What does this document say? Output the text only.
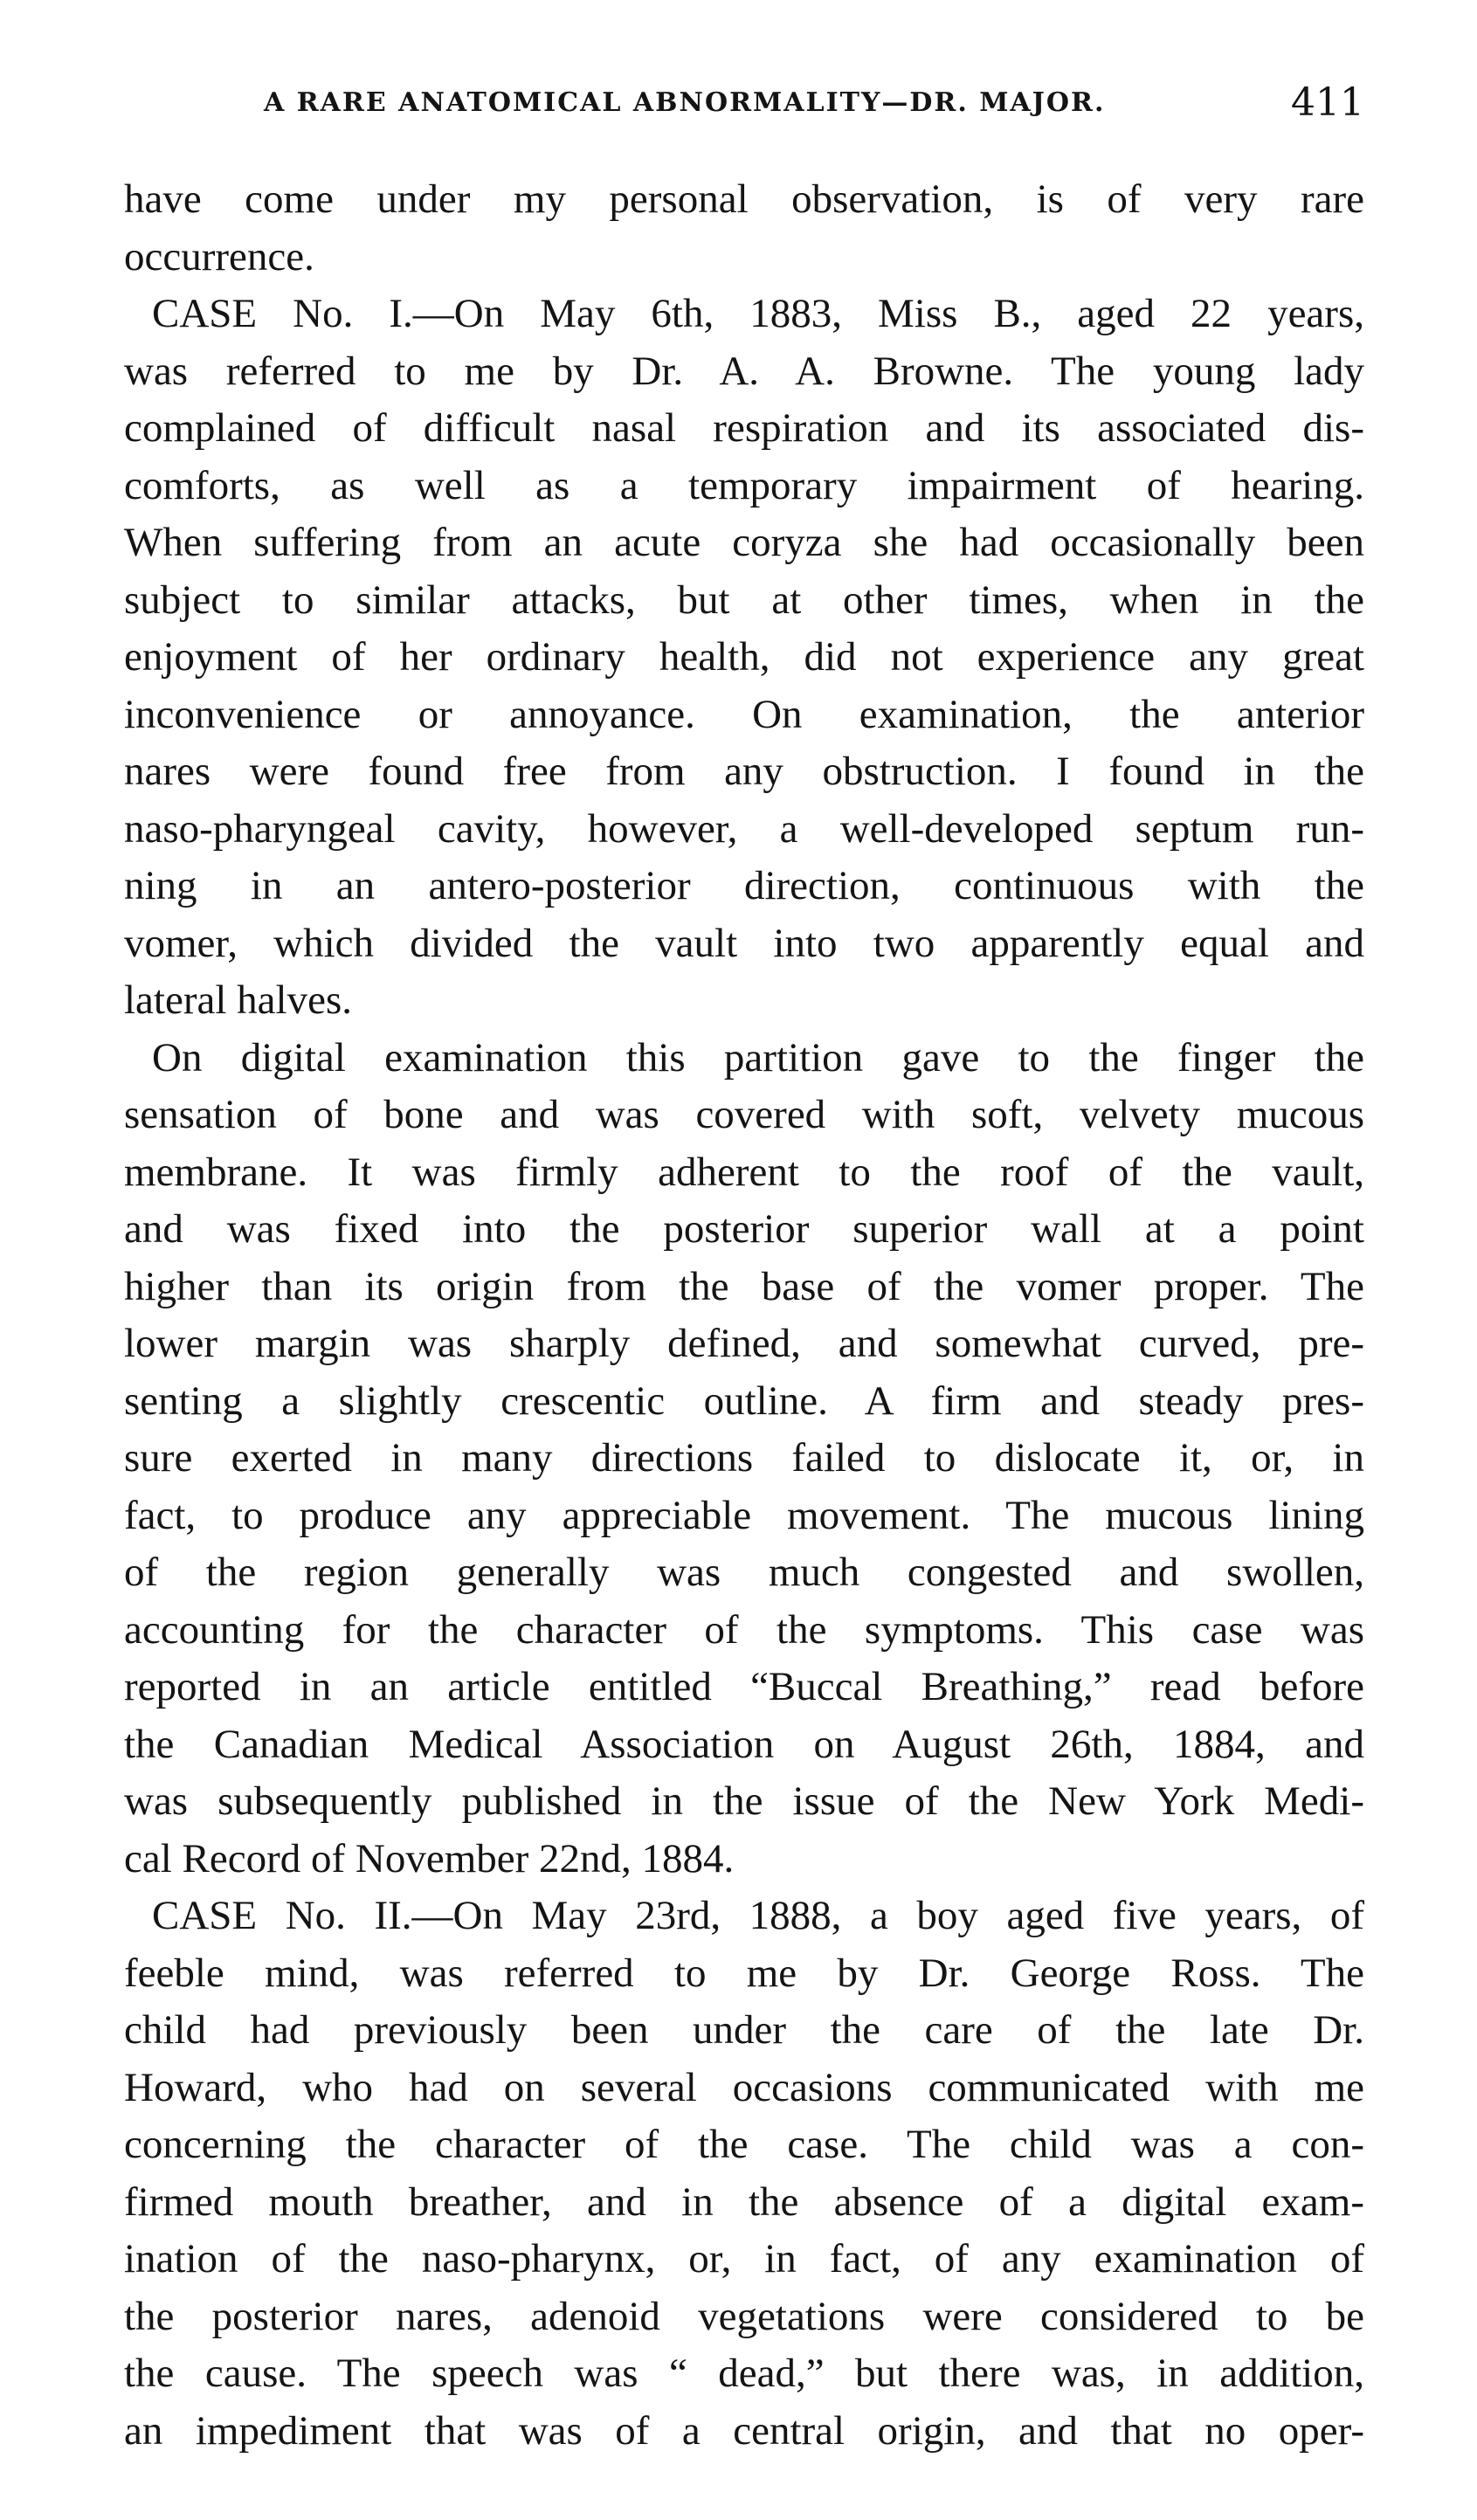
A RARE ANATOMICAL ABNORMALITY—DR. MAJOR.	411
have come under my personal observation, is of very rare
occurrence.
CASE No. I.—On May 6th, 1883, Miss B., aged 22 years,
was referred to me by Dr. A. A. Browne. The young lady
complained of difficult nasal respiration and its associated dis-
comforts, as well as a temporary impairment of hearing.
When suffering from an acute coryza she had occasionally been
subject to similar attacks, but at other times, when in the
enjoyment of her ordinary health, did not experience any great
inconvenience or annoyance. On examination, the anterior
nares were found free from any obstruction. I found in the
naso-pharyngeal cavity, however, a well-developed septum run-
ning in an antero-posterior direction, continuous with the
vomer, which divided the vault into two apparently equal and
lateral halves.
On digital examination this partition gave to the finger the
sensation of bone and was covered with soft, velvety mucous
membrane. It was firmly adherent to the roof of the vault,
and was fixed into the posterior superior wall at a point
higher than its origin from the base of the vomer proper. The
lower margin was sharply defined, and somewhat curved, pre-
senting a slightly crescentic outline. A firm and steady pres-
sure exerted in many directions failed to dislocate it, or, in
fact, to produce any appreciable movement. The mucous lining
of the region generally was much congested and swollen,
accounting for the character of the symptoms. This case was
reported in an article entitled “Buccal Breathing,” read before
the Canadian Medical Association on August 26th, 1884, and
was subsequently published in the issue of the New York Medi-
cal Record of November 22nd, 1884.
CASE No. II.—On May 23rd, 1888, a boy aged five years, of
feeble mind, was referred to me by Dr. George Ross. The
child had previously been under the care of the late Dr.
Howard, who had on several occasions communicated with me
concerning the character of the case. The child was a con-
firmed mouth breather, and in the absence of a digital exam-
ination of the naso-pharynx, or, in fact, of any examination of
the posterior nares, adenoid vegetations were considered to be
the cause. The speech was “ dead,” but there was, in addition,
an impediment that was of a central origin, and that no oper-
